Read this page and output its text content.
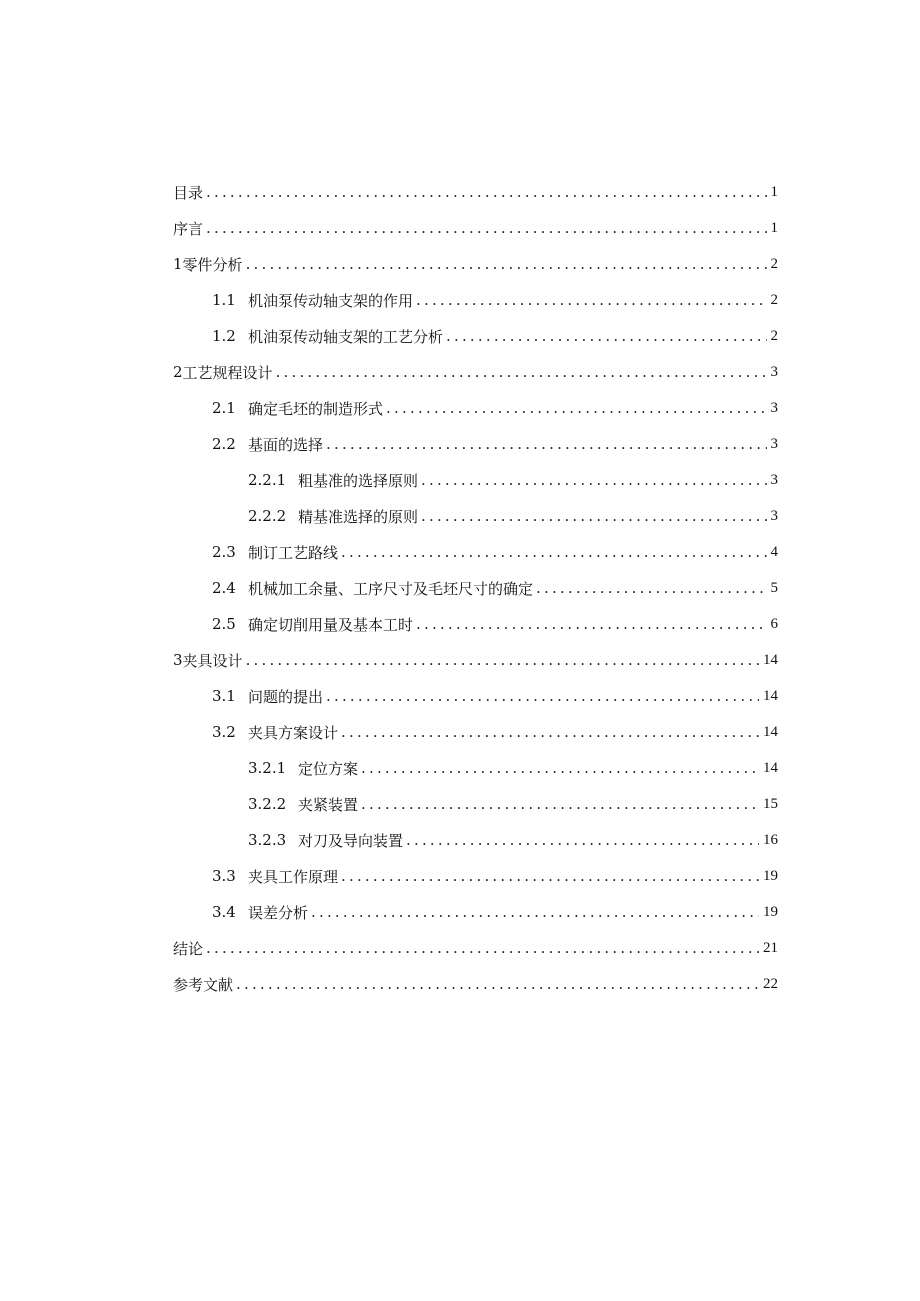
目录 .....	1
序言 .....	1
1 零件分析 .....	2
1.1 机油泵传动轴支架的作用 .....	2
1.2 机油泵传动轴支架的工艺分析 .....	2
2 工艺规程设计 .....	3
2.1 确定毛坯的制造形式 .....	3
2.2 基面的选择 .....	3
2.2.1 粗基准的选择原则 .....	3
2.2.2 精基准选择的原则 .....	3
2.3 制订工艺路线 .....	4
2.4 机械加工余量、工序尺寸及毛坯尺寸的确定 .....	5
2.5 确定切削用量及基本工时 .....	6
3 夹具设计 .....	14
3.1 问题的提出 .....	14
3.2 夹具方案设计 .....	14
3.2.1 定位方案 .....	14
3.2.2 夹紧装置 .....	15
3.2.3 对刀及导向装置 .....	16
3.3 夹具工作原理 .....	19
3.4 误差分析 .....	19
结论 .....	21
参考文献 .....	22
